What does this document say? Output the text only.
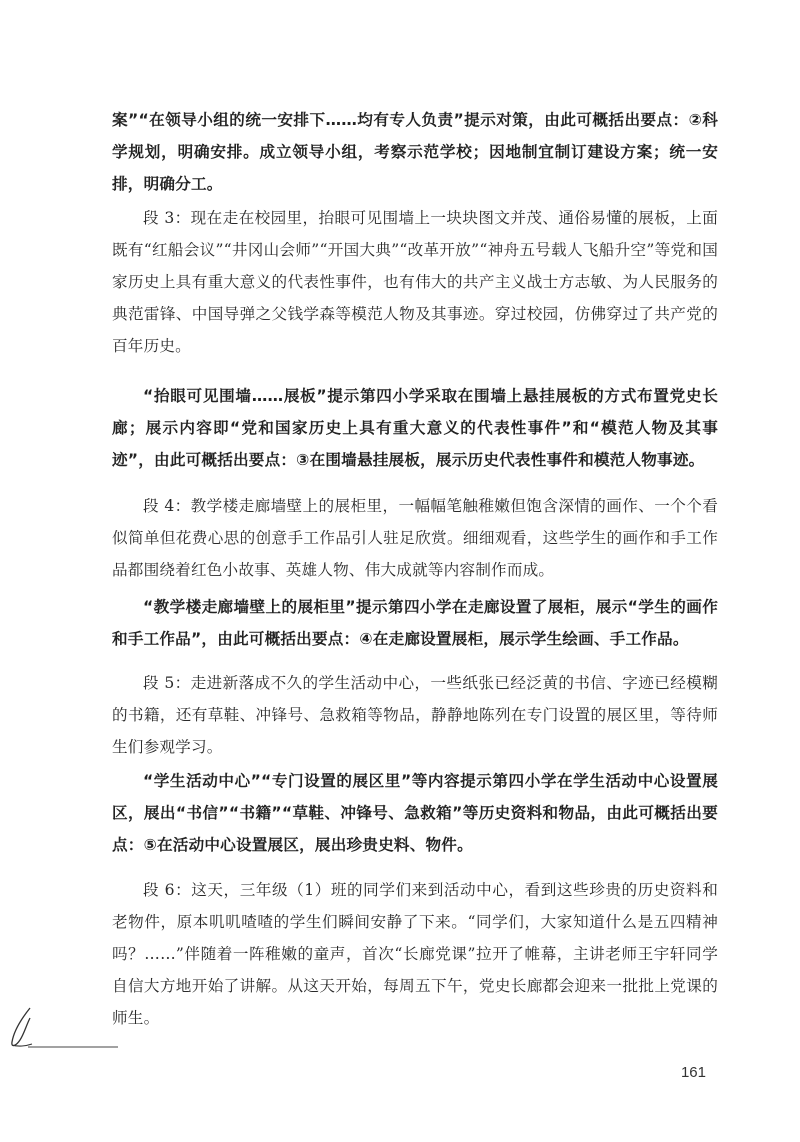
案”“在领导小组的统一安排下……均有专人负责”提示对策，由此可概括出要点：②科学规划，明确安排。成立领导小组，考察示范学校；因地制宜制订建设方案；统一安排，明确分工。

段 3：现在走在校园里，抬眼可见围墙上一块块图文并茂、通俗易懂的展板，上面既有“红船会议”“井冈山会师”“开国大典”“改革开放”“神舟五号载人飞船升空”等党和国家历史上具有重大意义的代表性事件，也有伟大的共产主义战士方志敏、为人民服务的典范雷锋、中国导弹之父钱学森等模范人物及其事迹。穿过校园，仿佛穿过了共产党的百年历史。

“抬眼可见围墙……展板”提示第四小学采取在围墙上悬挂展板的方式布置党史长廊；展示内容即“党和国家历史上具有重大意义的代表性事件”和“模范人物及其事迹”，由此可概括出要点：③在围墙悬挂展板，展示历史代表性事件和模范人物事迹。

段 4：教学楼走廊墙壁上的展柜里，一幅幅笔触稚嫩但饱含深情的画作、一个个看似简单但花费心思的创意手工作品引人驻足欣赏。细细观看，这些学生的画作和手工作品都围绕着红色小故事、英雄人物、伟大成就等内容制作而成。

“教学楼走廊墙壁上的展柜里”提示第四小学在走廊设置了展柜，展示“学生的画作和手工作品”，由此可概括出要点：④在走廊设置展柜，展示学生绘画、手工作品。

段 5：走进新落成不久的学生活动中心，一些纸张已经泛黄的书信、字迹已经模糊的书籍，还有草鞋、冲锋号、急救箱等物品，静静地陈列在专门设置的展区里，等待师生们参观学习。

“学生活动中心”“专门设置的展区里”等内容提示第四小学在学生活动中心设置展区，展出“书信”“书籍”“草鞋、冲锋号、急救箱”等历史资料和物品，由此可概括出要点：⑤在活动中心设置展区，展出珍贵史料、物件。

段 6：这天，三年级（1）班的同学们来到活动中心，看到这些珍贵的历史资料和老物件，原本叽叽喳喳的学生们瞬间安静了下来。“同学们，大家知道什么是五四精神吗？……”伴随着一阵稚嫩的童声，首次“长廊党课”拉开了帷幕，主讲老师王宇轩同学自信大方地开始了讲解。从这天开始，每周五下午，党史长廊都会迎来一批批上党课的师生。

161
